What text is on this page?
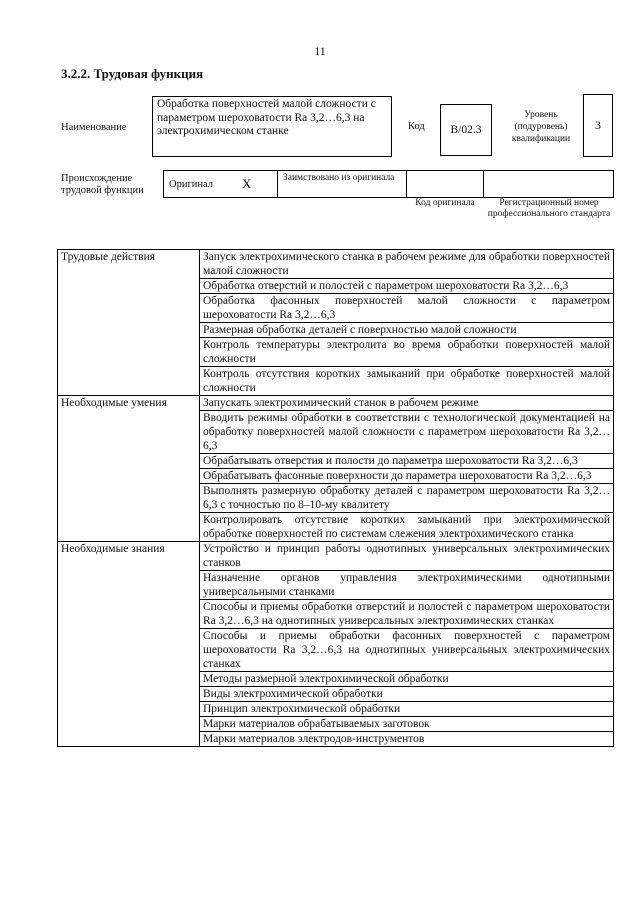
11
3.2.2. Трудовая функция
Наименование
Обработка поверхностей малой сложности с параметром шероховатости Ra 3,2…6,3 на электрохимическом станке	Код	B/02.3
Уровень (подуровень) квалификации
3
Происхождение трудовой функции
Оригинал X	Заимствовано из оригинала
Код оригинала	Регистрационный номер профессионального стандарта
Трудовые действия	Запуск электрохимического станка в рабочем режиме для обработки поверхностей малой сложности
	Обработка отверстий и полостей с параметром шероховатости Ra 3,2…6,3
	Обработка фасонных поверхностей малой сложности с параметром шероховатости Ra 3,2…6,3
	Размерная обработка деталей с поверхностью малой сложности
	Контроль температуры электролита во время обработки поверхностей малой сложности
	Контроль отсутствия коротких замыканий при обработке поверхностей малой сложности
Необходимые умения	Запускать электрохимический станок в рабочем режиме
	Вводить режимы обработки в соответствии с технологической документацией на обработку поверхностей малой сложности с параметром шероховатости Ra 3,2…6,3
	Обрабатывать отверстия и полости до параметра шероховатости Ra 3,2…6,3
	Обрабатывать фасонные поверхности до параметра шероховатости Ra 3,2…6,3
	Выполнять размерную обработку деталей с параметром шероховатости Ra 3,2…6,3 с точностью по 8–10-му квалитету
	Контролировать отсутствие коротких замыканий при электрохимической обработке поверхностей по системам слежения электрохимического станка
Необходимые знания	Устройство и принцип работы однотипных универсальных электрохимических станков
	Назначение органов управления электрохимическими однотипными универсальными станками
	Способы и приемы обработки отверстий и полостей с параметром шероховатости Ra 3,2…6,3 на однотипных универсальных электрохимических станках
	Способы и приемы обработки фасонных поверхностей с параметром шероховатости Ra 3,2…6,3 на однотипных универсальных электрохимических станках
	Методы размерной электрохимической обработки
	Виды электрохимической обработки
	Принцип электрохимической обработки
	Марки материалов обрабатываемых заготовок
	Марки материалов электродов-инструментов
